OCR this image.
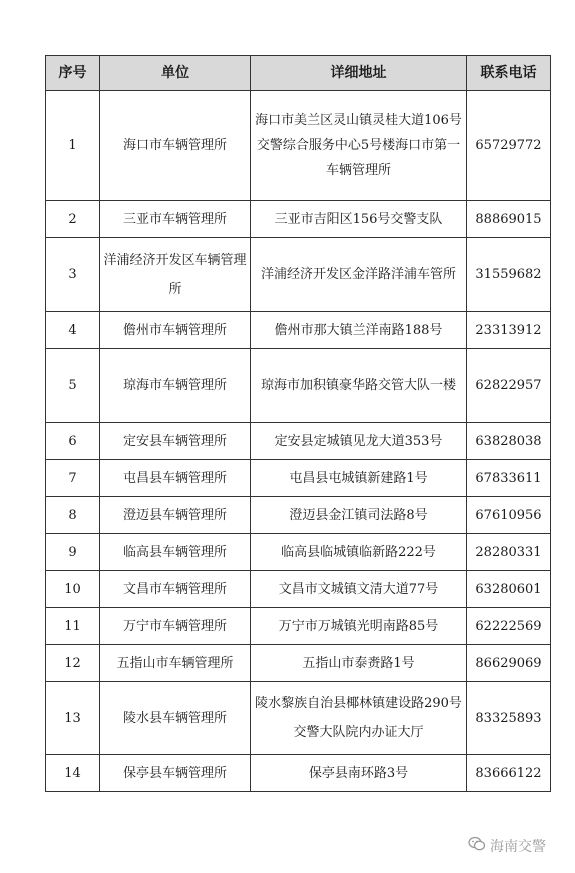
序号	单位	详细地址	联系电话
1	海口市车辆管理所	海口市美兰区灵山镇灵桂大道106号交警综合服务中心5号楼海口市第一车辆管理所	65729772
2	三亚市车辆管理所	三亚市吉阳区156号交警支队	88869015
3	洋浦经济开发区车辆管理所	洋浦经济开发区金洋路洋浦车管所	31559682
4	儋州市车辆管理所	儋州市那大镇兰洋南路188号	23313912
5	琼海市车辆管理所	琼海市加积镇豪华路交管大队一楼	62822957
6	定安县车辆管理所	定安县定城镇见龙大道353号	63828038
7	屯昌县车辆管理所	屯昌县屯城镇新建路1号	67833611
8	澄迈县车辆管理所	澄迈县金江镇司法路8号	67610956
9	临高县车辆管理所	临高县临城镇临新路222号	28280331
10	文昌市车辆管理所	文昌市文城镇文清大道77号	63280601
11	万宁市车辆管理所	万宁市万城镇光明南路85号	62222569
12	五指山市车辆管理所	五指山市泰赉路1号	86629069
13	陵水县车辆管理所	陵水黎族自治县椰林镇建设路290号交警大队院内办证大厅	83325893
14	保亭县车辆管理所	保亭县南环路3号	83666122
海南交警
